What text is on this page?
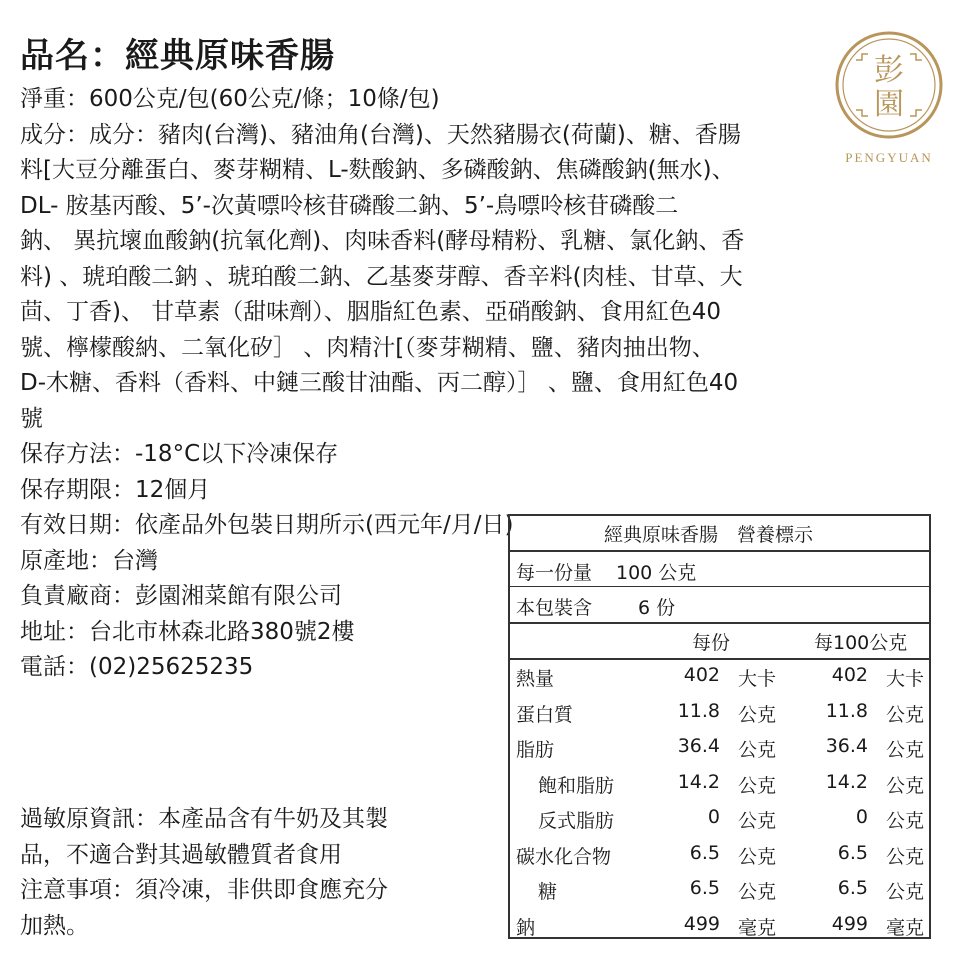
品名：經典原味香腸
淨重：600公克/包(60公克/條；10條/包)
成分：成分：豬肉(台灣)、豬油角(台灣)、天然豬腸衣(荷蘭)、糖、香腸
料[大豆分離蛋白、麥芽糊精、L-麩酸鈉、多磷酸鈉、焦磷酸鈉(無水)、
DL- 胺基丙酸、5’-次黃嘌呤核苷磷酸二鈉、5’-鳥嘌呤核苷磷酸二
鈉、 異抗壞血酸鈉(抗氧化劑)、肉味香料(酵母精粉、乳糖、氯化鈉、香
料) 、琥珀酸二鈉 、琥珀酸二鈉、乙基麥芽醇、香辛料(肉桂、甘草、大
茴、丁香)、 甘草素（甜味劑）、胭脂紅色素、亞硝酸鈉、食用紅色40
號、檸檬酸納、二氧化矽］ 、肉精汁[（麥芽糊精、鹽、豬肉抽出物、
D-木糖、香料（香料、中鏈三酸甘油酯、丙二醇）］ 、鹽、食用紅色40
號
保存方法：-18°C以下冷凍保存
保存期限：12個月
有效日期：依產品外包裝日期所示(西元年/月/日)
原產地：台灣
負責廠商：彭園湘菜館有限公司
地址：台北市林森北路380號2樓
電話：(02)25625235
彭
園
PENGYUAN
過敏原資訊：本產品含有牛奶及其製
品，不適合對其過敏體質者食用
注意事項：須冷凍，非供即食應充分
加熱。
經典原味香腸　營養標示
每一份量 100 公克
本包裝含 6 份
每份	每100公克
熱量	402 大卡	402 大卡
蛋白質	11.8 公克	11.8 公克
脂肪	36.4 公克	36.4 公克
飽和脂肪	14.2 公克	14.2 公克
反式脂肪	0 公克	0 公克
碳水化合物	6.5 公克	6.5 公克
糖	6.5 公克	6.5 公克
鈉	499 毫克	499 毫克
